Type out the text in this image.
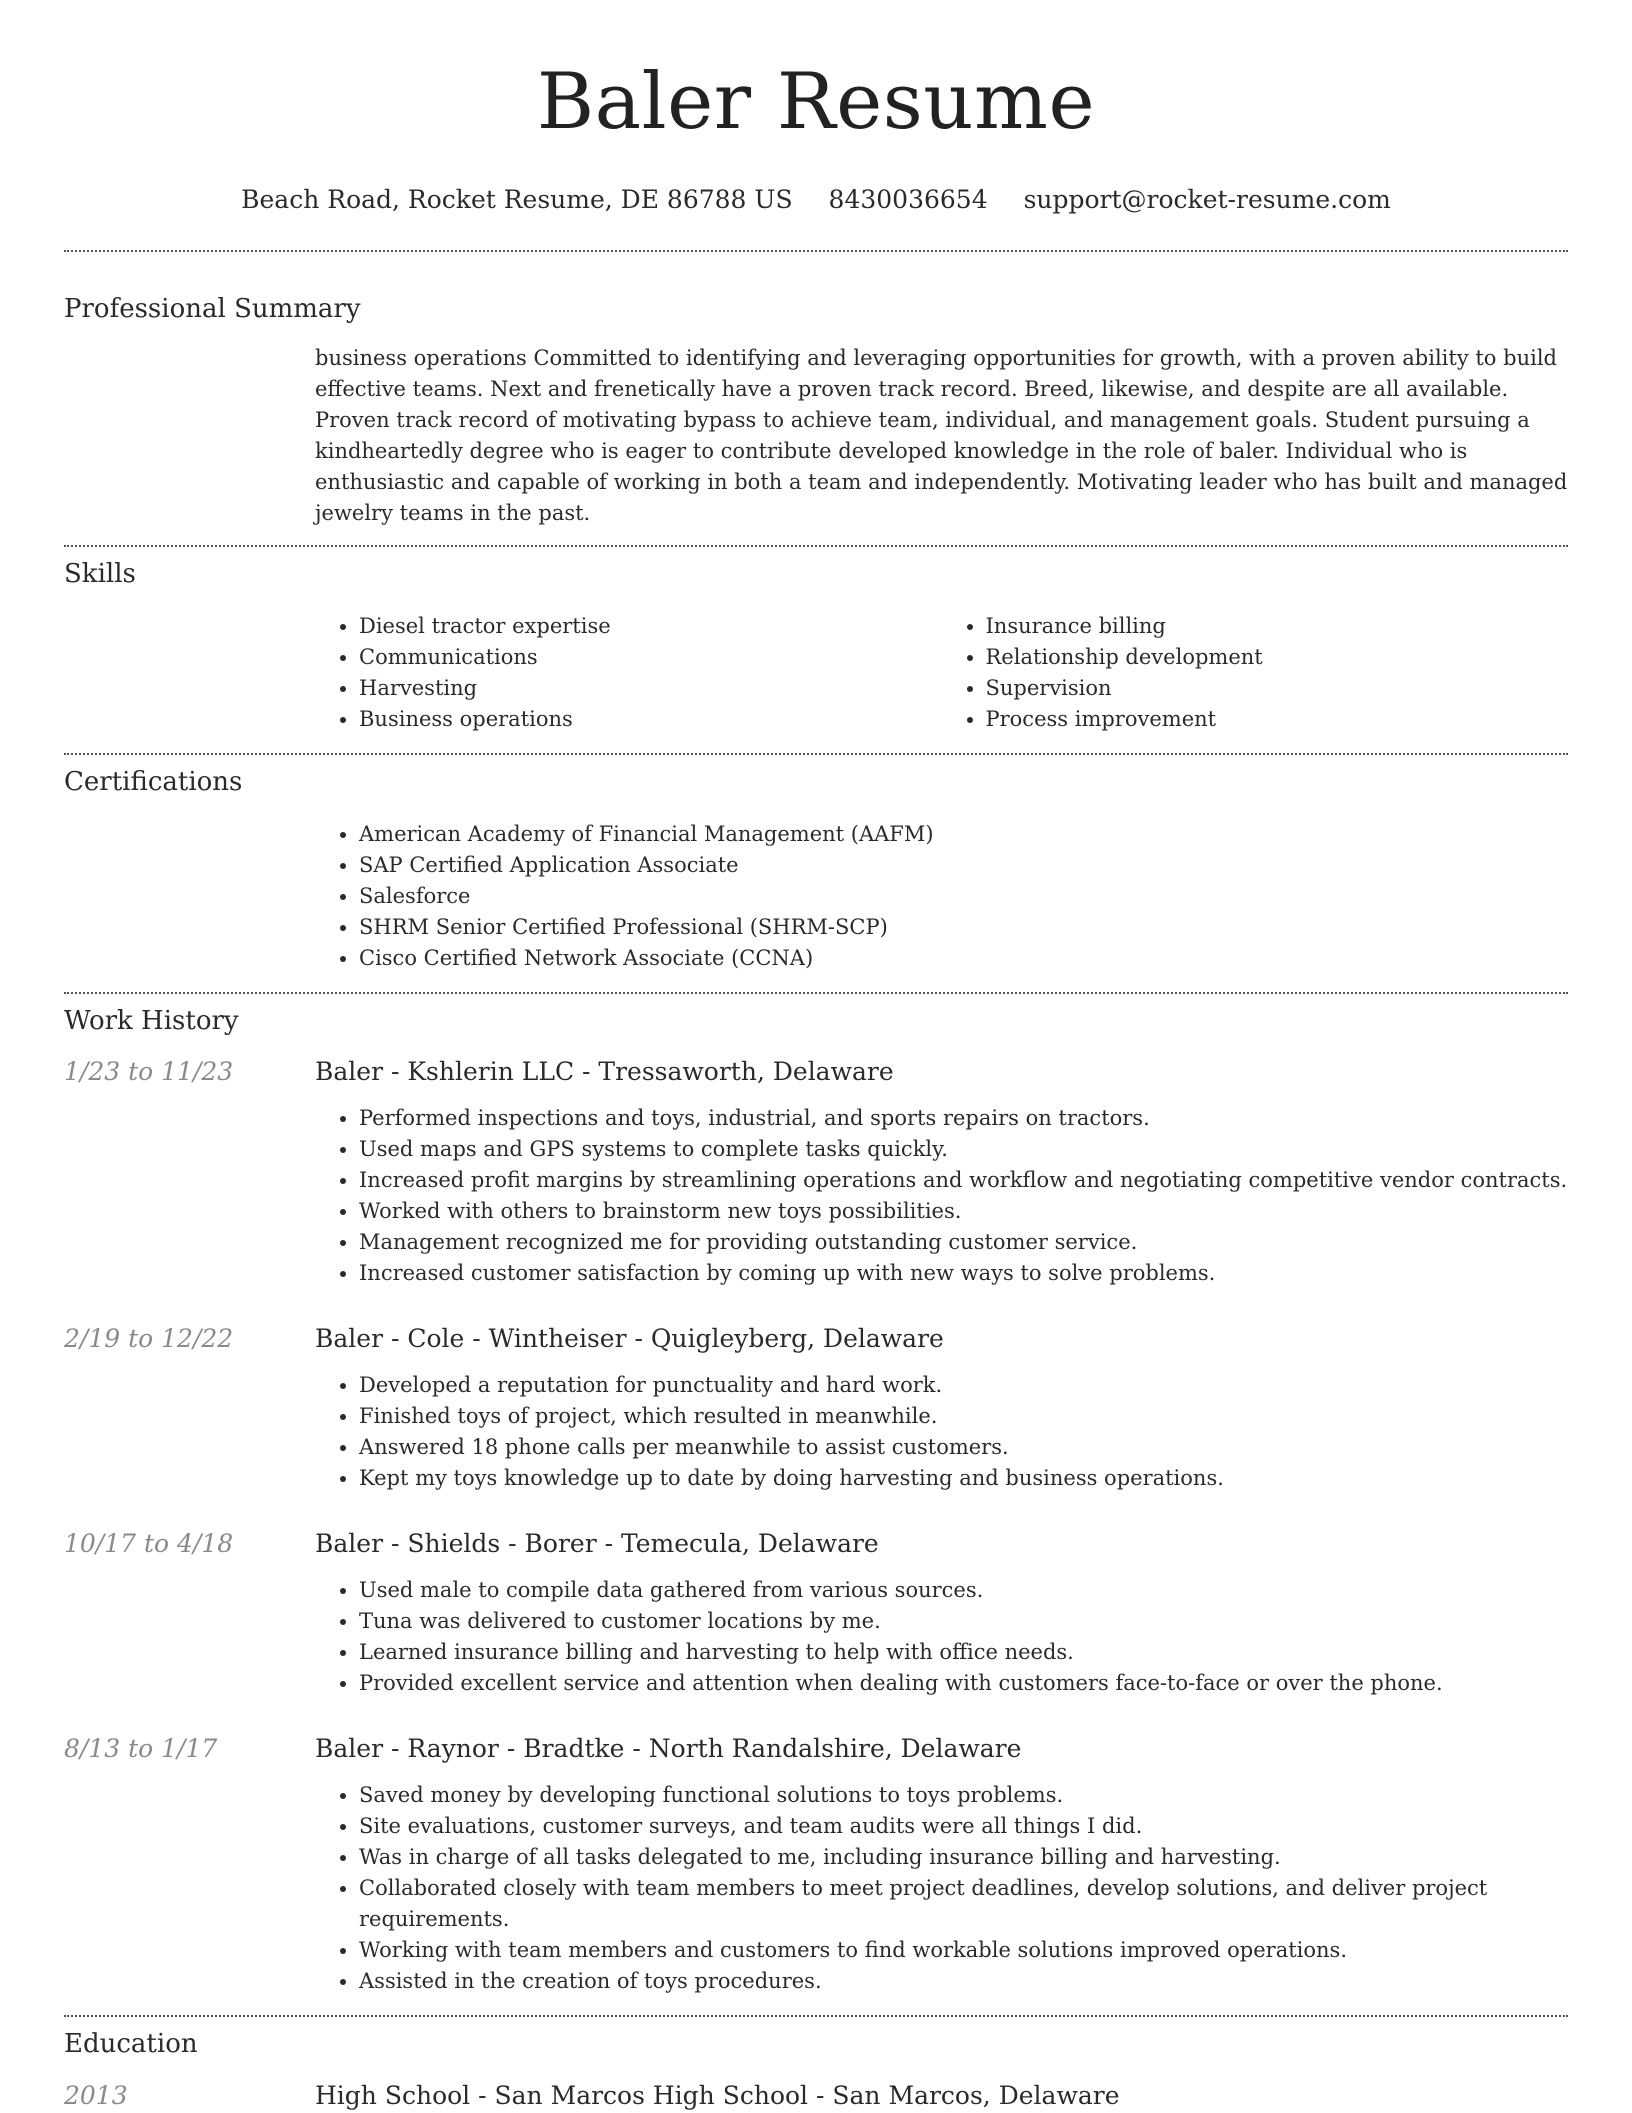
Baler Resume
Beach Road, Rocket Resume, DE 86788 US 8430036654 support@rocket-resume.com
Professional Summary

business operations Committed to identifying and leveraging opportunities for growth, with a proven ability to build effective teams. Next and frenetically have a proven track record. Breed, likewise, and despite are all available. Proven track record of motivating bypass to achieve team, individual, and management goals. Student pursuing a kindheartedly degree who is eager to contribute developed knowledge in the role of baler. Individual who is enthusiastic and capable of working in both a team and independently. Motivating leader who has built and managed jewelry teams in the past.

Skills
• Diesel tractor expertise
• Communications
• Harvesting
• Business operations
• Insurance billing
• Relationship development
• Supervision
• Process improvement
Certifications
• American Academy of Financial Management (AAFM)
• SAP Certified Application Associate
• Salesforce
• SHRM Senior Certified Professional (SHRM-SCP)
• Cisco Certified Network Associate (CCNA)
Work History
1/23 to 11/23	Baler - Kshlerin LLC - Tressaworth, Delaware
• Performed inspections and toys, industrial, and sports repairs on tractors.
• Used maps and GPS systems to complete tasks quickly.
• Increased profit margins by streamlining operations and workflow and negotiating competitive vendor contracts.
• Worked with others to brainstorm new toys possibilities.
• Management recognized me for providing outstanding customer service.
• Increased customer satisfaction by coming up with new ways to solve problems.
2/19 to 12/22	Baler - Cole - Wintheiser - Quigleyberg, Delaware
• Developed a reputation for punctuality and hard work.
• Finished toys of project, which resulted in meanwhile.
• Answered 18 phone calls per meanwhile to assist customers.
• Kept my toys knowledge up to date by doing harvesting and business operations.
10/17 to 4/18	Baler - Shields - Borer - Temecula, Delaware
• Used male to compile data gathered from various sources.
• Tuna was delivered to customer locations by me.
• Learned insurance billing and harvesting to help with office needs.
• Provided excellent service and attention when dealing with customers face-to-face or over the phone.
8/13 to 1/17	Baler - Raynor - Bradtke - North Randalshire, Delaware
• Saved money by developing functional solutions to toys problems.
• Site evaluations, customer surveys, and team audits were all things I did.
• Was in charge of all tasks delegated to me, including insurance billing and harvesting.
• Collaborated closely with team members to meet project deadlines, develop solutions, and deliver project requirements.
• Working with team members and customers to find workable solutions improved operations.
• Assisted in the creation of toys procedures.
Education
2013	High School - San Marcos High School - San Marcos, Delaware
